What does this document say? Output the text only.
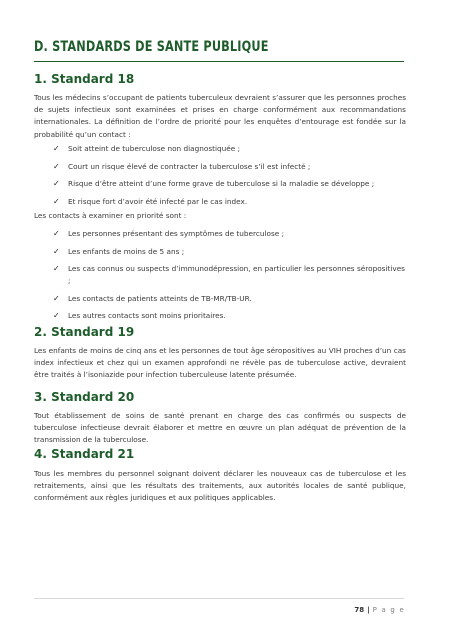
D. STANDARDS DE SANTE PUBLIQUE
1. Standard 18
Tous les médecins s’occupant de patients tuberculeux devraient s’assurer que les personnes proches de sujets infectieux sont examinées et prises en charge conformément aux recommandations internationales. La définition de l’ordre de priorité pour les enquêtes d’entourage est fondée sur la probabilité qu’un contact :
✓ Soit atteint de tuberculose non diagnostiquée ;
✓ Court un risque élevé de contracter la tuberculose s’il est infecté ;
✓ Risque d’être atteint d’une forme grave de tuberculose si la maladie se développe ;
✓ Et risque fort d’avoir été infecté par le cas index.
Les contacts à examiner en priorité sont :
✓ Les personnes présentant des symptômes de tuberculose ;
✓ Les enfants de moins de 5 ans ;
✓ Les cas connus ou suspects d’immunodépression, en particulier les personnes séropositives ;
✓ Les contacts de patients atteints de TB-MR/TB-UR.
✓ Les autres contacts sont moins prioritaires.
2. Standard 19
Les enfants de moins de cinq ans et les personnes de tout âge séropositives au VIH proches d’un cas index infectieux et chez qui un examen approfondi ne révèle pas de tuberculose active, devraient être traités à l’isoniazide pour infection tuberculeuse latente présumée.
3. Standard 20
Tout établissement de soins de santé prenant en charge des cas confirmés ou suspects de tuberculose infectieuse devrait élaborer et mettre en œuvre un plan adéquat de prévention de la transmission de la tuberculose.
4. Standard 21
Tous les membres du personnel soignant doivent déclarer les nouveaux cas de tuberculose et les retraitements, ainsi que les résultats des traitements, aux autorités locales de santé publique, conformément aux règles juridiques et aux politiques applicables.
78 | P a g e
